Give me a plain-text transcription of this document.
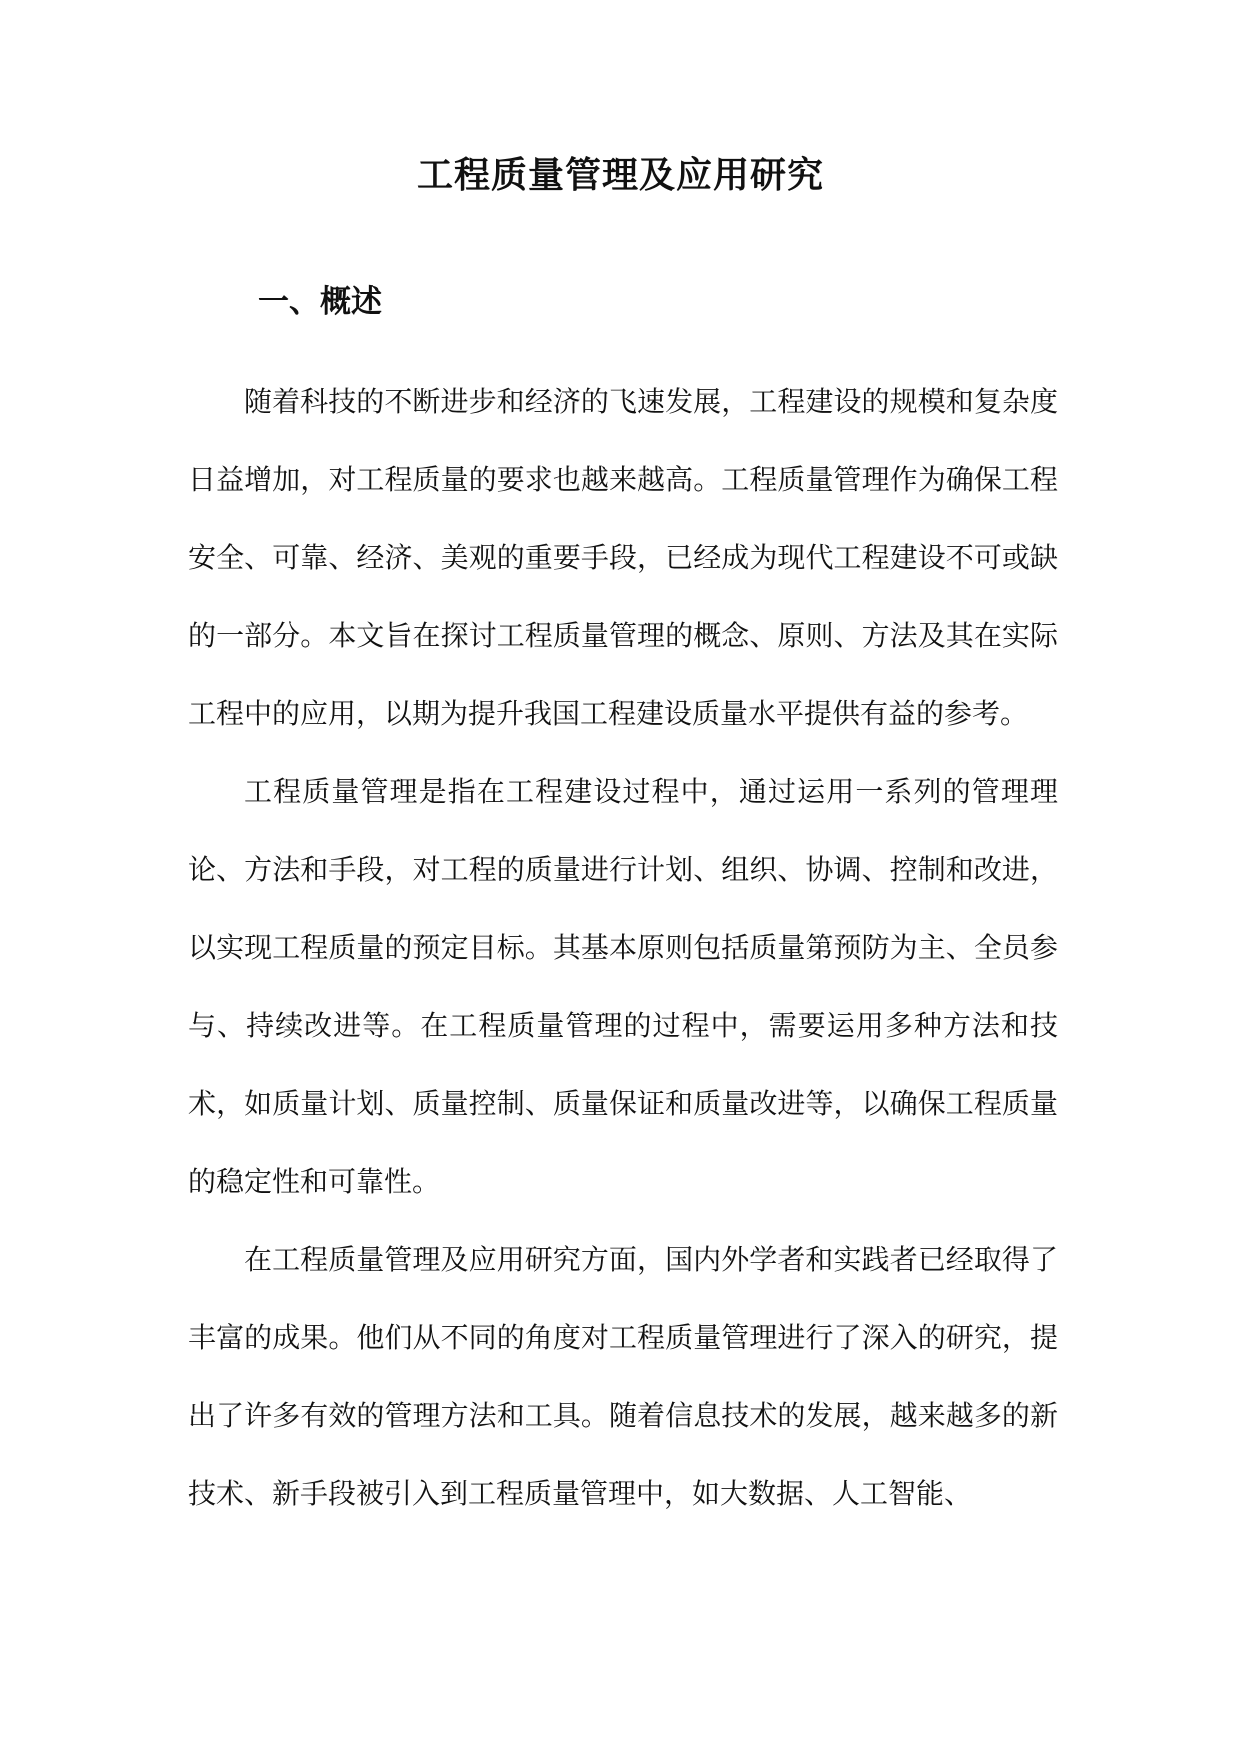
工程质量管理及应用研究
一、概述

随着科技的不断进步和经济的飞速发展，工程建设的规模和复杂度日益增加，对工程质量的要求也越来越高。工程质量管理作为确保工程安全、可靠、经济、美观的重要手段，已经成为现代工程建设不可或缺的一部分。本文旨在探讨工程质量管理的概念、原则、方法及其在实际工程中的应用，以期为提升我国工程建设质量水平提供有益的参考。

工程质量管理是指在工程建设过程中，通过运用一系列的管理理论、方法和手段，对工程的质量进行计划、组织、协调、控制和改进，以实现工程质量的预定目标。其基本原则包括质量第预防为主、全员参与、持续改进等。在工程质量管理的过程中，需要运用多种方法和技术，如质量计划、质量控制、质量保证和质量改进等，以确保工程质量的稳定性和可靠性。

在工程质量管理及应用研究方面，国内外学者和实践者已经取得了丰富的成果。他们从不同的角度对工程质量管理进行了深入的研究，提出了许多有效的管理方法和工具。随着信息技术的发展，越来越多的新技术、新手段被引入到工程质量管理中，如大数据、人工智能、
